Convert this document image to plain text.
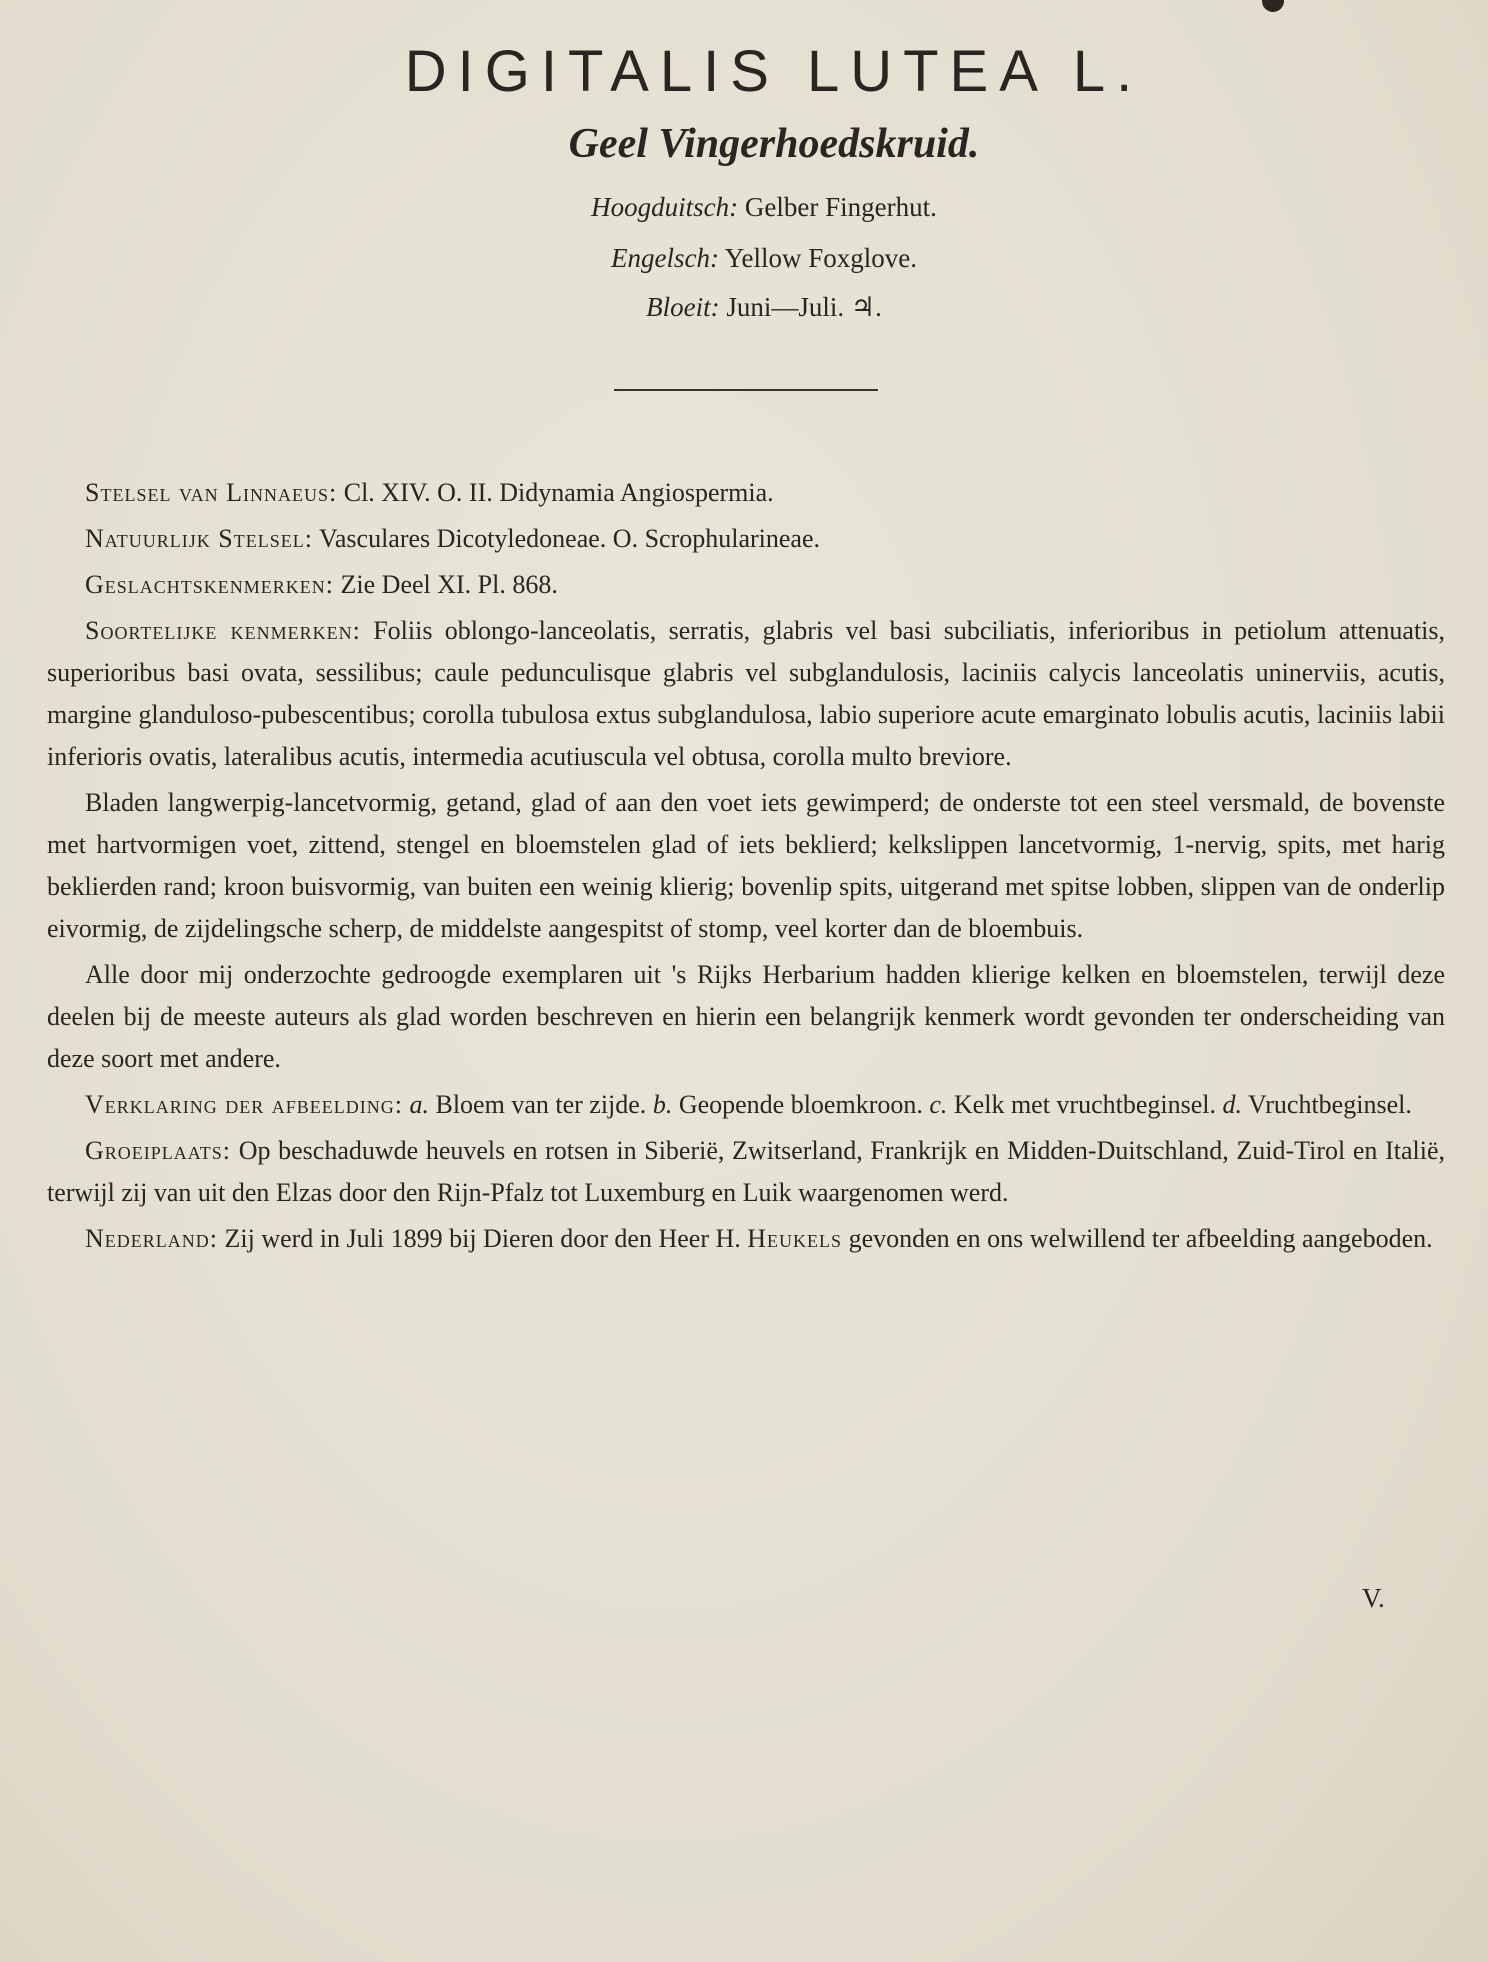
DIGITALIS LUTEA L.
Geel Vingerhoedskruid.
Hoogduitsch: Gelber Fingerhut.
Engelsch: Yellow Foxglove.
Bloeit: Juni—Juli. ♃.

Stelsel van Linnaeus: Cl. XIV. O. II. Didynamia Angiospermia.

Natuurlijk Stelsel: Vasculares Dicotyledoneae. O. Scrophularineae.

Geslachtskenmerken: Zie Deel XI. Pl. 868.

Soortelijke kenmerken: Foliis oblongo-lanceolatis, serratis, glabris vel basi subciliatis, inferioribus in petiolum attenuatis, superioribus basi ovata, sessilibus; caule pedunculisque glabris vel subglandulosis, laciniis calycis lanceolatis uninerviis, acutis, margine glanduloso-pubescentibus; corolla tubulosa extus subglandulosa, labio superiore acute emarginato lobulis acutis, laciniis labii inferioris ovatis, lateralibus acutis, intermedia acutiuscula vel obtusa, corolla multo breviore.

Bladen langwerpig-lancetvormig, getand, glad of aan den voet iets gewimperd; de onderste tot een steel versmald, de bovenste met hartvormigen voet, zittend, stengel en bloemstelen glad of iets beklierd; kelkslippen lancetvormig, 1-nervig, spits, met harig beklierden rand; kroon buisvormig, van buiten een weinig klierig; bovenlip spits, uitgerand met spitse lobben, slippen van de onderlip eivormig, de zijdelingsche scherp, de middelste aangespitst of stomp, veel korter dan de bloembuis.

Alle door mij onderzochte gedroogde exemplaren uit 's Rijks Herbarium hadden klierige kelken en bloemstelen, terwijl deze deelen bij de meeste auteurs als glad worden beschreven en hierin een belangrijk kenmerk wordt gevonden ter onderscheiding van deze soort met andere.

Verklaring der afbeelding: a. Bloem van ter zijde. b. Geopende bloemkroon. c. Kelk met vruchtbeginsel. d. Vruchtbeginsel.

Groeiplaats: Op beschaduwde heuvels en rotsen in Siberië, Zwitserland, Frankrijk en Midden-Duitschland, Zuid-Tirol en Italië, terwijl zij van uit den Elzas door den Rijn-Pfalz tot Luxemburg en Luik waargenomen werd.

Nederland: Zij werd in Juli 1899 bij Dieren door den Heer H. Heukels gevonden en ons welwillend ter afbeelding aangeboden.

V.
